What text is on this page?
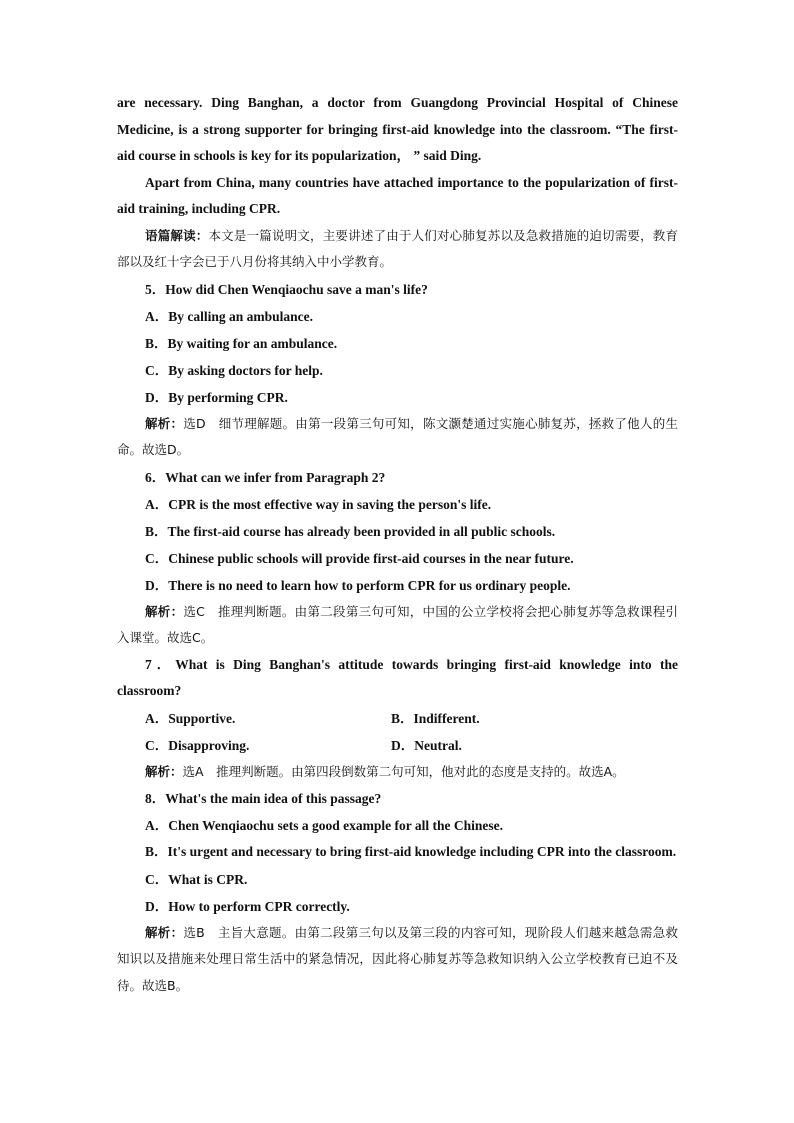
are necessary. Ding Banghan, a doctor from Guangdong Provincial Hospital of Chinese Medicine, is a strong supporter for bringing first-aid knowledge into the classroom. “The first-aid course in schools is key for its popularization， ” said Ding.

Apart from China, many countries have attached importance to the popularization of first-aid training, including CPR.

语篇解读：本文是一篇说明文，主要讲述了由于人们对心肺复苏以及急救措施的迫切需要，教育部以及红十字会已于八月份将其纳入中小学教育。

5．How did Chen Wenqiaochu save a man's life?

A．By calling an ambulance.

B．By waiting for an ambulance.

C．By asking doctors for help.

D．By performing CPR.

解析：选D　细节理解题。由第一段第三句可知，陈文灏楚通过实施心肺复苏，拯救了他人的生命。故选D。

6．What can we infer from Paragraph 2?

A．CPR is the most effective way in saving the person's life.

B．The first-aid course has already been provided in all public schools.

C．Chinese public schools will provide first-aid courses in the near future.

D．There is no need to learn how to perform CPR for us ordinary people.

解析：选C　推理判断题。由第二段第三句可知，中国的公立学校将会把心肺复苏等急救课程引入课堂。故选C。

7．What is Ding Banghan's attitude towards bringing first-aid knowledge into the classroom?

A．Supportive.	B．Indifferent.
C．Disapproving.	D．Neutral.

解析：选A　推理判断题。由第四段倒数第二句可知，他对此的态度是支持的。故选A。

8．What's the main idea of this passage?

A．Chen Wenqiaochu sets a good example for all the Chinese.

B．It's urgent and necessary to bring first-aid knowledge including CPR into the classroom.

C．What is CPR.

D．How to perform CPR correctly.

解析：选B　主旨大意题。由第二段第三句以及第三段的内容可知，现阶段人们越来越急需急救知识以及措施来处理日常生活中的紧急情况，因此将心肺复苏等急救知识纳入公立学校教育已迫不及待。故选B。
